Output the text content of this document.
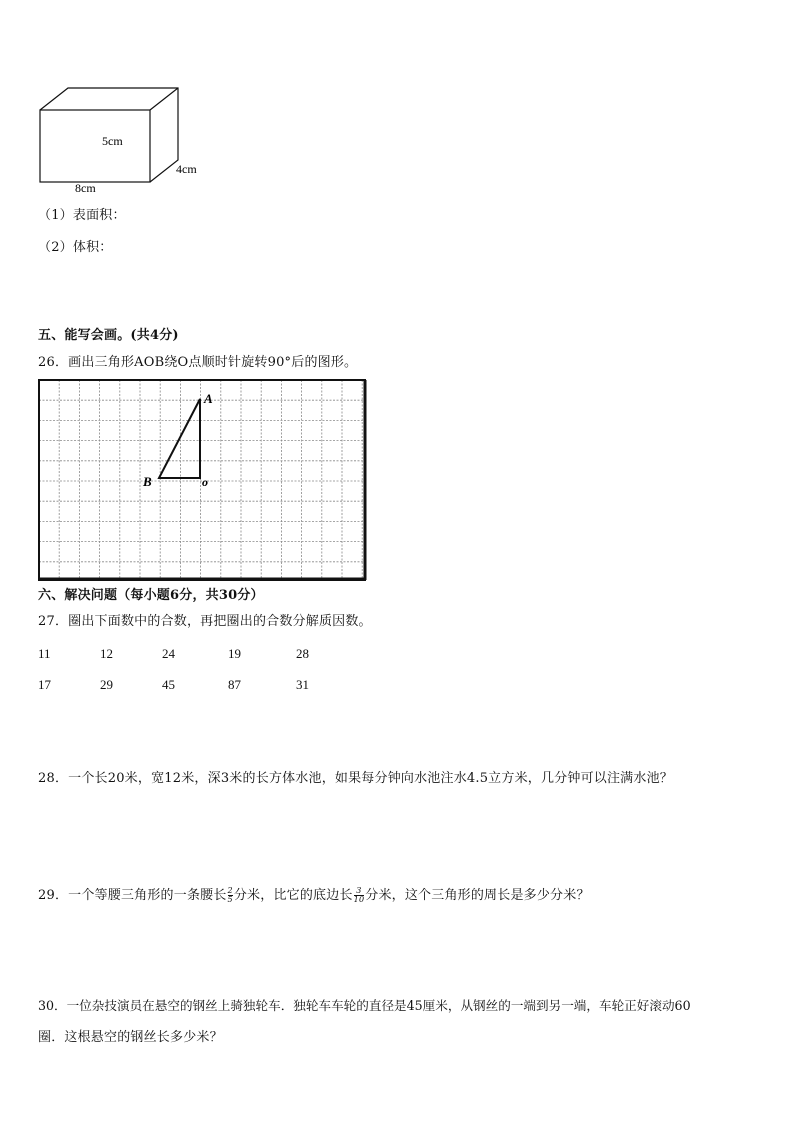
5cm
4cm
8cm
（1）表面积：
（2）体积：
五、能写会画。(共4分)
26．画出三角形AOB绕O点顺时针旋转90°后的图形。
A
B	o
六、解决问题（每小题6分，共30分）
27．圈出下面数中的合数，再把圈出的合数分解质因数。
11	12	24	19	28
17	29	45	87	31
28．一个长20米，宽12米，深3米的长方体水池，如果每分钟向水池注水4.5立方米，几分钟可以注满水池？
29．一个等腰三角形的一条腰长 $\frac{2}{5}$ 分米，比它的底边长 $\frac{3}{10}$ 分米，这个三角形的周长是多少分米？
30．一位杂技演员在悬空的钢丝上骑独轮车．独轮车车轮的直径是45厘米，从钢丝的一端到另一端，车轮正好滚动60
圈．这根悬空的钢丝长多少米？
